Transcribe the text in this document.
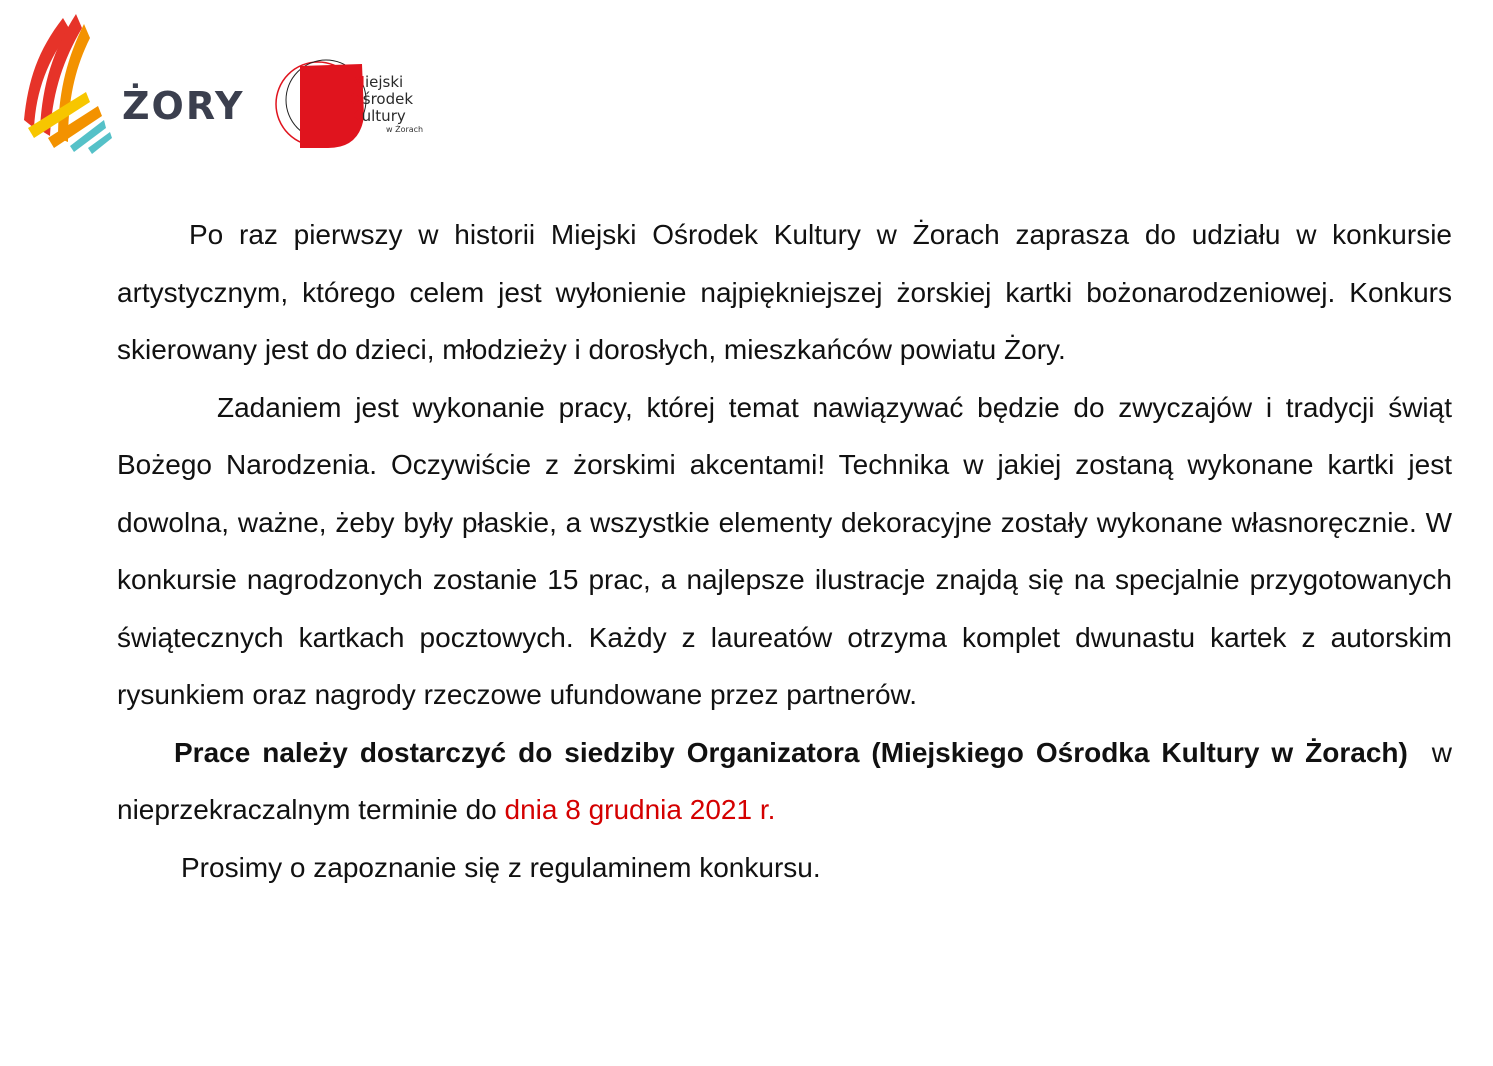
ŻORY
Miejski
Ośrodek
Kultury
w Żorach

Po raz pierwszy w historii Miejski Ośrodek Kultury w Żorach zaprasza do udziału w konkursie artystycznym, którego celem jest wyłonienie najpiękniejszej żorskiej kartki bożonarodzeniowej. Konkurs skierowany jest do dzieci, młodzieży i dorosłych, mieszkańców powiatu Żory.

Zadaniem jest wykonanie pracy, której temat nawiązywać będzie do zwyczajów i tradycji świąt Bożego Narodzenia. Oczywiście z żorskimi akcentami! Technika w jakiej zostaną wykonane kartki jest dowolna, ważne, żeby były płaskie, a wszystkie elementy dekoracyjne zostały wykonane własnoręcznie. W konkursie nagrodzonych zostanie 15 prac, a najlepsze ilustracje znajdą się na specjalnie przygotowanych świątecznych kartkach pocztowych. Każdy z laureatów otrzyma komplet dwunastu kartek z autorskim rysunkiem oraz nagrody rzeczowe ufundowane przez partnerów.

Prace należy dostarczyć do siedziby Organizatora (Miejskiego Ośrodka Kultury w Żorach) w nieprzekraczalnym terminie do dnia 8 grudnia 2021 r.

Prosimy o zapoznanie się z regulaminem konkursu.
